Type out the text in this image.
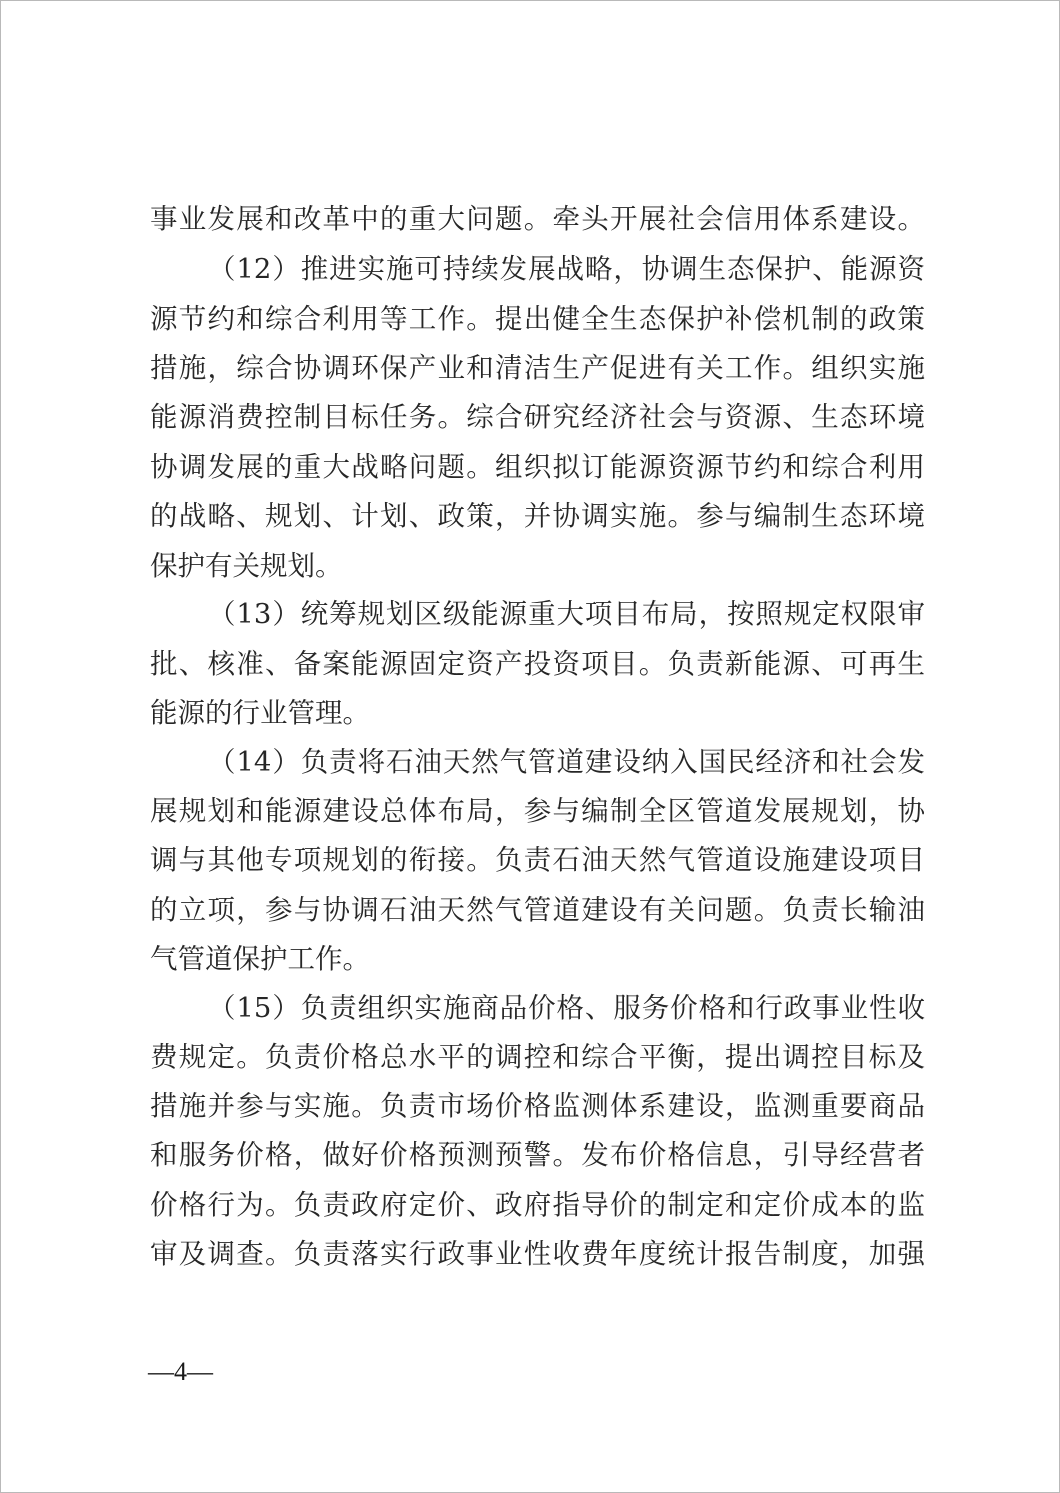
事业发展和改革中的重大问题。牵头开展社会信用体系建设。
（12）推进实施可持续发展战略，协调生态保护、能源资
源节约和综合利用等工作。提出健全生态保护补偿机制的政策
措施，综合协调环保产业和清洁生产促进有关工作。组织实施
能源消费控制目标任务。综合研究经济社会与资源、生态环境
协调发展的重大战略问题。组织拟订能源资源节约和综合利用
的战略、规划、计划、政策，并协调实施。参与编制生态环境
保护有关规划。
（13）统筹规划区级能源重大项目布局，按照规定权限审
批、核准、备案能源固定资产投资项目。负责新能源、可再生
能源的行业管理。
（14）负责将石油天然气管道建设纳入国民经济和社会发
展规划和能源建设总体布局，参与编制全区管道发展规划，协
调与其他专项规划的衔接。负责石油天然气管道设施建设项目
的立项，参与协调石油天然气管道建设有关问题。负责长输油
气管道保护工作。
（15）负责组织实施商品价格、服务价格和行政事业性收
费规定。负责价格总水平的调控和综合平衡，提出调控目标及
措施并参与实施。负责市场价格监测体系建设，监测重要商品
和服务价格，做好价格预测预警。发布价格信息，引导经营者
价格行为。负责政府定价、政府指导价的制定和定价成本的监
审及调查。负责落实行政事业性收费年度统计报告制度，加强
—4—
